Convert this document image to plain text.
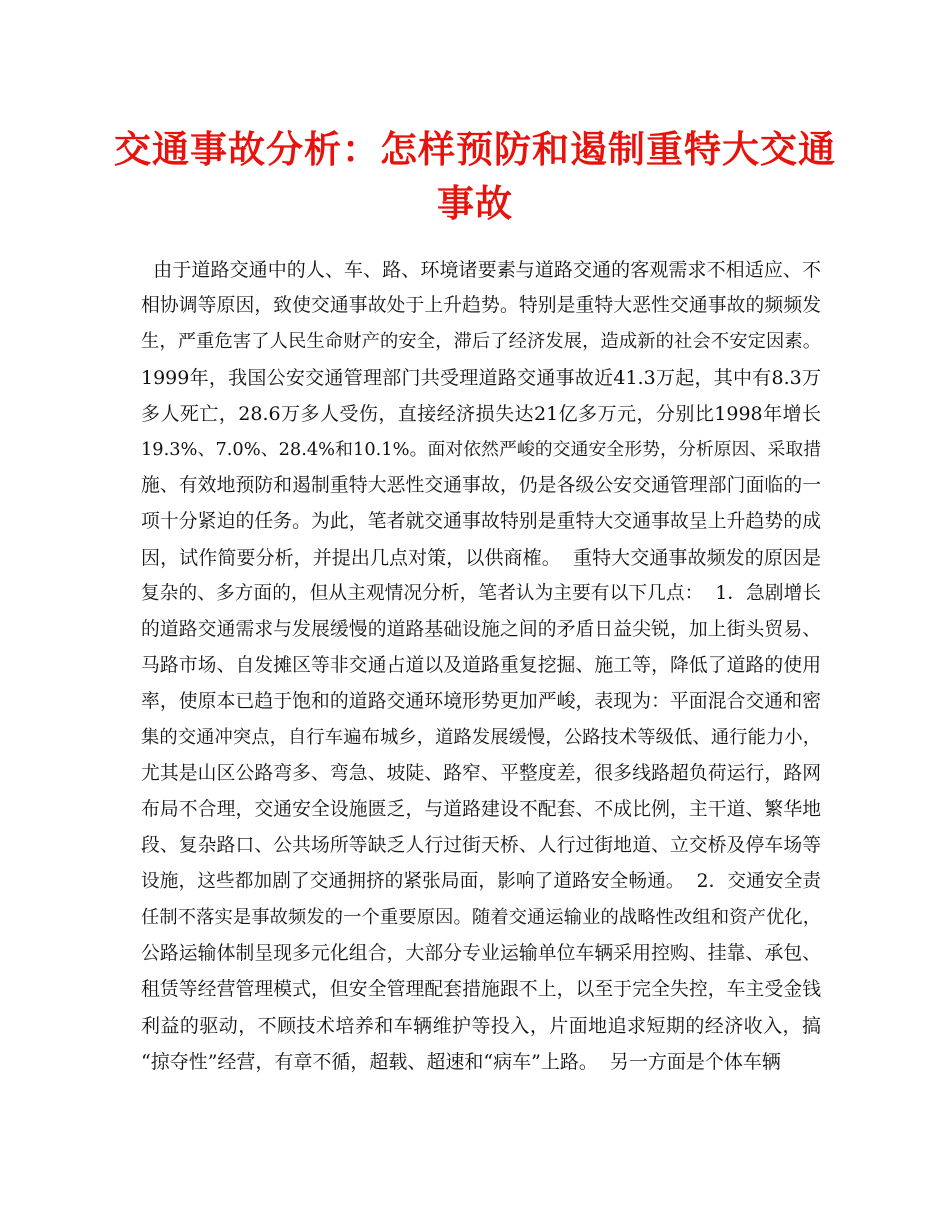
交通事故分析：怎样预防和遏制重特大交通
事故
由于道路交通中的人、车、路、环境诸要素与道路交通的客观需求不相适应、不
相协调等原因，致使交通事故处于上升趋势。特别是重特大恶性交通事故的频频发
生，严重危害了人民生命财产的安全，滞后了经济发展，造成新的社会不安定因素。
1999年，我国公安交通管理部门共受理道路交通事故近41.3万起，其中有8.3万
多人死亡，28.6万多人受伤，直接经济损失达21亿多万元，分别比1998年增长
19.3%、7.0%、28.4%和10.1%。面对依然严峻的交通安全形势，分析原因、采取措
施、有效地预防和遏制重特大恶性交通事故，仍是各级公安交通管理部门面临的一
项十分紧迫的任务。为此，笔者就交通事故特别是重特大交通事故呈上升趋势的成
因，试作简要分析，并提出几点对策，以供商榷。  重特大交通事故频发的原因是
复杂的、多方面的，但从主观情况分析，笔者认为主要有以下几点：  1．急剧增长
的道路交通需求与发展缓慢的道路基础设施之间的矛盾日益尖锐，加上街头贸易、
马路市场、自发摊区等非交通占道以及道路重复挖掘、施工等，降低了道路的使用
率，使原本已趋于饱和的道路交通环境形势更加严峻，表现为：平面混合交通和密
集的交通冲突点，自行车遍布城乡，道路发展缓慢，公路技术等级低、通行能力小，
尤其是山区公路弯多、弯急、坡陡、路窄、平整度差，很多线路超负荷运行，路网
布局不合理，交通安全设施匮乏，与道路建设不配套、不成比例，主干道、繁华地
段、复杂路口、公共场所等缺乏人行过街天桥、人行过街地道、立交桥及停车场等
设施，这些都加剧了交通拥挤的紧张局面，影响了道路安全畅通。  2．交通安全责
任制不落实是事故频发的一个重要原因。随着交通运输业的战略性改组和资产优化，
公路运输体制呈现多元化组合，大部分专业运输单位车辆采用控购、挂靠、承包、
租赁等经营管理模式，但安全管理配套措施跟不上，以至于完全失控，车主受金钱
利益的驱动，不顾技术培养和车辆维护等投入，片面地追求短期的经济收入，搞
“掠夺性”经营，有章不循，超载、超速和“病车”上路。  另一方面是个体车辆
